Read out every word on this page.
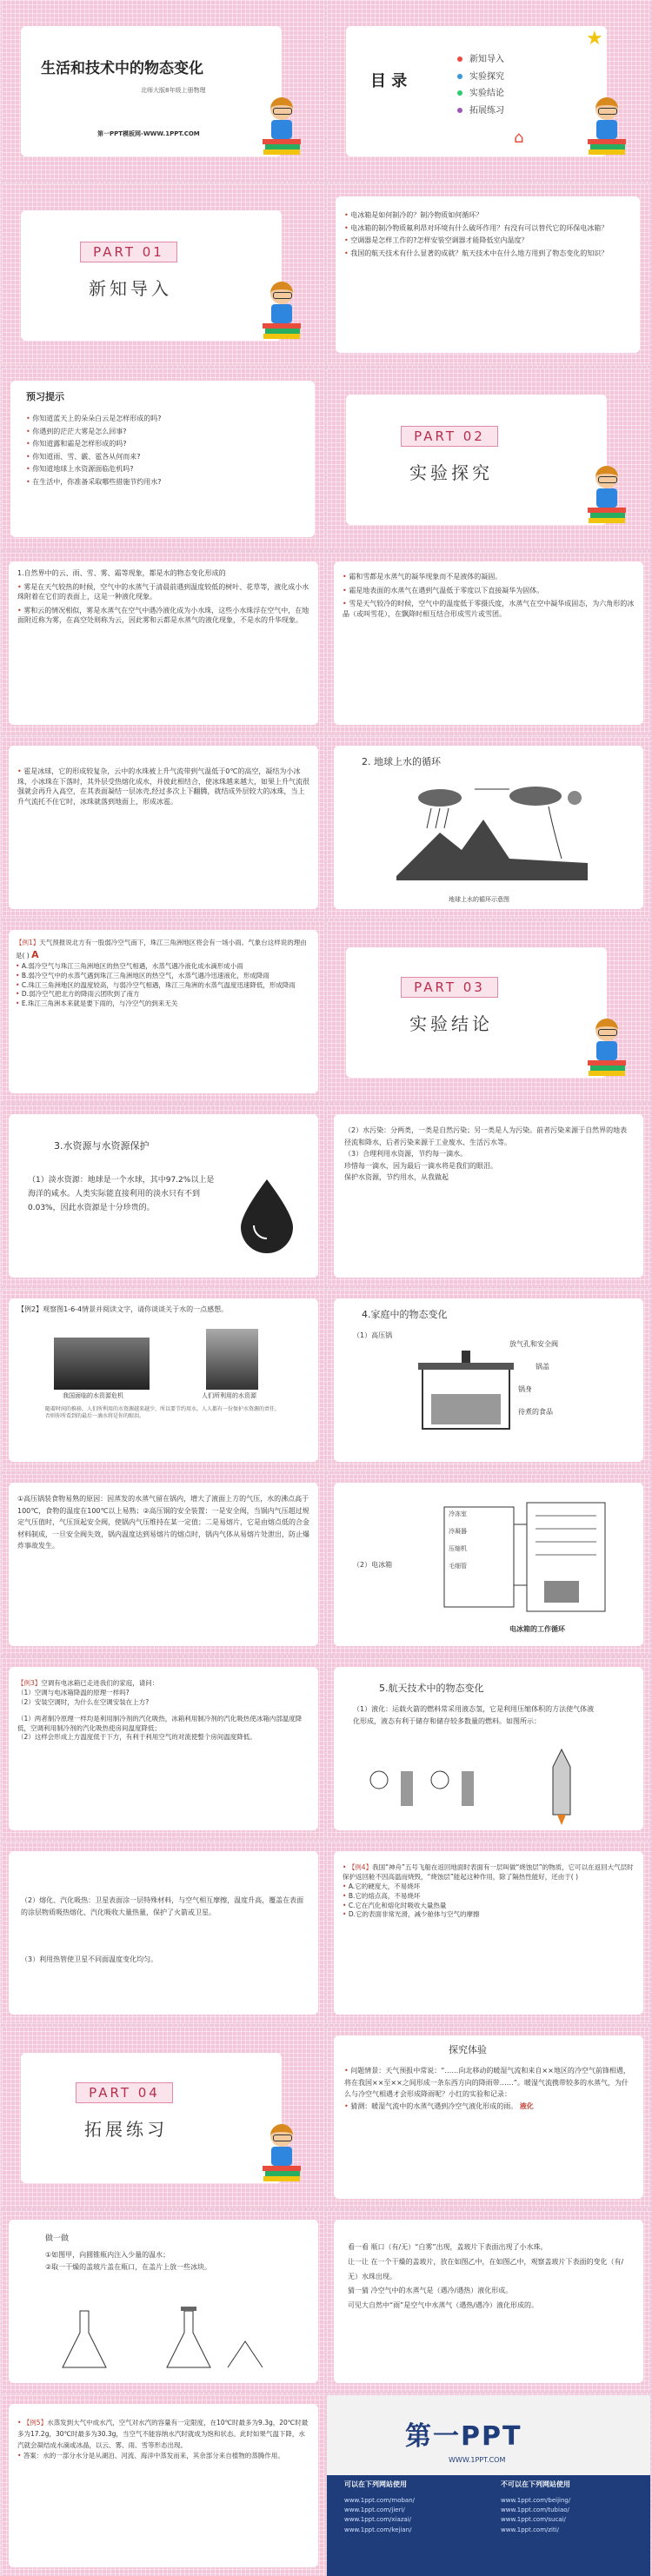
生活和技术中的物态变化
北师大版8年级上册物理
第一PPT模板网-WWW.1PPT.COM
目 录
新知导入
实验探究
实验结论
拓展练习
★
⌂
PART 01
新知导入
• 电冰箱是如何制冷的？制冷物质如何循环？
• 电冰箱的制冷物质氟利昂对环境有什么破坏作用？有没有可以替代它的环保电冰箱？
• 空调器是怎样工作的?怎样安装空调器才能降低室内温度？
• 我国的航天技术有什么显著的成就？航天技术中在什么地方用到了物态变化的知识？
预习提示
• 你知道蓝天上的朵朵白云是怎样形成的吗?
• 你遇到的茫茫大雾是怎么回事?
• 你知道露和霜是怎样形成的吗?
• 你知道雨、雪、霰、雹各从何而来?
• 你知道地球上水资源面临危机吗?
• 在生活中，你准备采取哪些措施节约用水?
PART 02
实验探究
1.自然界中的云、雨、雪、雾、霜等现象，都是水的物态变化形成的
• 雾是在天气较热的时候，空气中的水蒸气于清晨前遇到温度较低的树叶、花草等，液化成小水珠附着在它们的表面上，这是一种液化现象。
• 雾和云的情况相似，雾是水蒸气在空气中遇冷液化成为小水珠，这些小水珠浮在空气中，在地面附近称为雾，在高空处则称为云，因此雾和云都是水蒸气的液化现象，不是水的升华现象。
• 霜和雪都是水蒸气的凝华现象而不是液体的凝固。
• 霜是地表面的水蒸气在遇到气温低于零度以下直接凝华为固体。
• 雪是天气较冷的时候，空气中的温度低于零摄氏度，水蒸气在空中凝华成固态，为六角形的冰晶（或叫雪花），在飘降时相互结合形成雪片或雪团。
• 雹是冰球，它的形成较复杂，云中的水珠被上升气流带到气温低于0℃的高空，凝结为小冰珠，小冰珠在下落时，其外层受热熔化成水，并彼此相结合，使冰珠越来越大，如果上升气流很强就会再升入高空，在其表面凝结一层冰壳,经过多次上下翻腾，就结成外层较大的冰珠，当上升气流托不住它时，冰珠就落到地面上，形成冰雹。
2. 地球上水的循环
地球上水的循环示意图
【例1】天气预报说北方有一股弱冷空气南下，珠江三角洲地区将会有一场小雨。气象台这样说的理由是( ) A
• A.弱冷空气与珠江三角洲地区的热空气相遇，水蒸气遇冷液化成水滴形成小雨
• B.弱冷空气中的水蒸气遇到珠江三角洲地区的热空气，水蒸气遇冷迅速液化，形成降雨
• C.珠江三角洲地区的温度较高，与弱冷空气相遇，珠江三角洲的水蒸气温度迅速降低，形成降雨
• D.弱冷空气把北方的降雨云团吹到了南方
• E.珠江三角洲本来就是要下雨的，与冷空气的到来无关
PART 03
实验结论
3.水资源与水资源保护
（1）淡水资源：地球是一个水球，其中97.2%以上是海洋的咸水。人类实际能直接利用的淡水只有不到0.03%，因此水资源是十分珍贵的。
（2）水污染：分两类，一类是自然污染；另一类是人为污染。前者污染来源于自然界的地表径流和降水，后者污染来源于工业废水、生活污水等。
（3）合理利用水资源，节约每一滴水。
珍惜每一滴水，因为最后一滴水将是我们的眼泪。
保护水资源，节约用水，从我做起
【例2】观察图1-6-4情景并阅读文字，请你谈谈关于水的一点感想。
我国面临的水资源危机	人们所利用的水资源
随着时间的推移，人们所利用的水资源越来越少，所以要节约用水，人人都有一份保护水资源的责任，否则你所看到的最后一滴水将是你的眼泪。
4.家庭中的物态变化
（1）高压锅
放气孔和安全阀
锅盖
锅身
待煮的食品
①高压锅装食物易熟的原因：因蒸发的水蒸气留在锅内，增大了液面上方的气压，水的沸点高于100℃，食物的温度在100℃以上易熟；②高压锅的安全装置：一是安全阀，当锅内气压超过规定气压值时，气压顶起安全阀，使锅内气压维持在某一定值；二是易熔片，它是由熔点低的合金材料制成，一旦安全阀失效，锅内温度达到易熔片的熔点时，锅内气体从易熔片处泄出，防止爆炸事故发生。
（2）电冰箱
冷冻室
冷凝器
压缩机
毛细管
电冰箱的工作循环
【例3】空调有电冰箱已走进我们的家庭，请问：
（1）空调与电冰箱降温的原理一样吗?
（2）安装空调时，为什么在空调安装在上方?
（1）两者制冷原理一样均是利用制冷剂的汽化吸热，冰箱利用制冷剂的汽化吸热使冰箱内部温度降低，空调利用制冷剂的汽化吸热使房间温度降低；
（2）这样会形成上方温度低于下方，有利于利用空气的对流使整个房间温度降低。
5.航天技术中的物态变化
（1）液化：运载火箭的燃料常采用液态氢，它是利用压缩体积的方法使气体液化形成，液态有利于储存和储存较多数量的燃料。如图所示：
（2）熔化、汽化吸热：卫星表面涂一层特殊材料，与空气相互摩擦，温度升高，覆盖在表面的涂层物质吸热熔化、汽化吸收大量热量，保护了火箭或卫星。
（3）利用热管使卫星不同面温度变化均匀。
• 【例4】我国“神舟”五号飞船在返回地面时表面有一层叫做“烧蚀层”的物质，它可以在返回大气层时保护返回舱不因高温而烧毁，“烧蚀层”能起这种作用，除了隔热性能好，还由于( )
• A.它的硬度大，不易烧坏
• B.它的熔点高，不易烧坏
• C.它在汽化和熔化时吸收大量热量
• D.它的表面非常光滑，减少舱体与空气的摩擦
PART 04
拓展练习
探究体验
• 问题情景：天气预报中常说：“……向北移动的暖湿气流和来自××地区的冷空气前锋相遇，将在我国××至××之间形成一条东西方向的降雨带……”。暖湿气流携带较多的水蒸气，为什么与冷空气相遇才会形成降雨呢？小红的实验和记录：
• 猜测：暖湿气流中的水蒸气遇到冷空气液化形成的雨。 液化
做一做
①如图甲，向圆锥瓶内注入少量的温水；
②取一干燥的盖玻片盖在瓶口，在盖片上放一些冰块。
看一看 瓶口（有/无）“白雾”出现，盖玻片下表面出现了小水珠。
让一让 在一个干燥的盖玻片，放在如图乙中，在如图乙中，观察盖玻片下表面的变化（有/无）水珠出现。
猜一猜 冷空气中的水蒸气是（遇冷/遇热）液化形成。
可见大自然中“雨”是空气中水蒸气（遇热/遇冷）液化形成的。
• 【例5】水蒸发到大气中成水汽，空气对水汽的容量有一定限度，在10℃时最多为9.3g，20℃时最多为17.2g，30℃时最多为30.3g，当空气不能容纳水汽时就成为饱和状态。此时如果气温下降，水汽就会凝结成水滴或冰晶，以云、雾、雨、雪等形态出现。
• 答案：水的一部分水分是从湖泊、河流、海洋中蒸发而来，其余部分来自植物的蒸腾作用。
第一PPT
WWW.1PPT.COM
可以在下列网站使用	不可以在下列网站使用
www.1ppt.com/moban/
www.1ppt.com/jieri/
www.1ppt.com/xiazai/
www.1ppt.com/kejian/
www.1ppt.com/beijing/
www.1ppt.com/tubiao/
www.1ppt.com/sucai/
www.1ppt.com/ziti/
